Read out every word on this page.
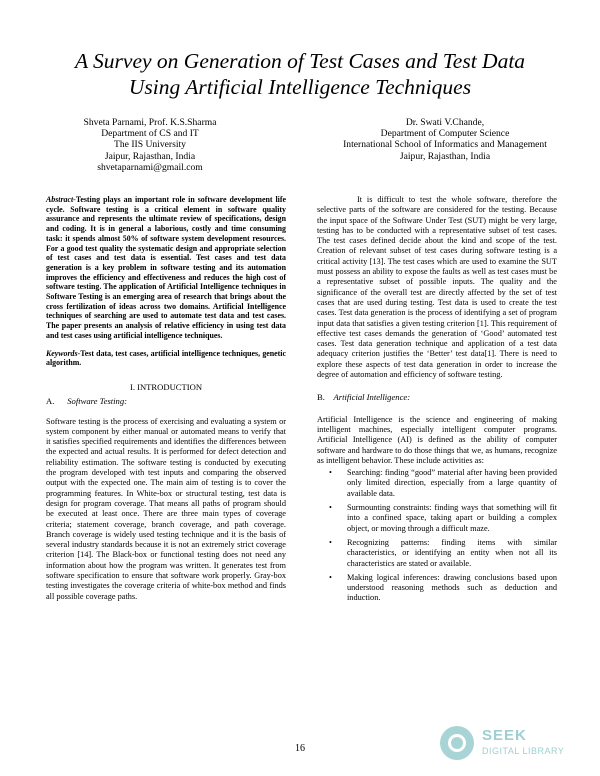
A Survey on Generation of Test Cases and Test Data
Using Artificial Intelligence Techniques
Shveta Parnami, Prof. K.S.Sharma
Department of CS and IT
The IIS University
Jaipur, Rajasthan, India
shvetaparnami@gmail.com
Dr. Swati V.Chande,
Department of Computer Science
International School of Informatics and Management
Jaipur, Rajasthan, India

Abstract-Testing plays an important role in software development life cycle. Software testing is a critical element in software quality assurance and represents the ultimate review of specifications, design and coding. It is in general a laborious, costly and time consuming task: it spends almost 50% of software system development resources. For a good test quality the systematic design and appropriate selection of test cases and test data is essential. Test cases and test data generation is a key problem in software testing and its automation improves the efficiency and effectiveness and reduces the high cost of software testing. The application of Artificial Intelligence techniques in Software Testing is an emerging area of research that brings about the cross fertilization of ideas across two domains. Artificial Intelligence techniques of searching are used to automate test data and test cases. The paper presents an analysis of relative efficiency in using test data and test cases using artificial intelligence techniques.

Keywords-Test data, test cases, artificial intelligence techniques, genetic algorithm.

I. INTRODUCTION
A. Software Testing:

Software testing is the process of exercising and evaluating a system or system component by either manual or automated means to verify that it satisfies specified requirements and identifies the differences between the expected and actual results. It is performed for defect detection and reliability estimation. The software testing is conducted by executing the program developed with test inputs and comparing the observed output with the expected one. The main aim of testing is to cover the programming features. In White-box or structural testing, test data is design for program coverage. That means all paths of program should be executed at least once. There are three main types of coverage criteria; statement coverage, branch coverage, and path coverage. Branch coverage is widely used testing technique and it is the basis of several industry standards because it is not an extremely strict coverage criterion [14]. The Black-box or functional testing does not need any information about how the program was written. It generates test from software specification to ensure that software work properly. Gray-box testing investigates the coverage criteria of white-box method and finds all possible coverage paths.

It is difficult to test the whole software, therefore the selective parts of the software are considered for the testing. Because the input space of the Software Under Test (SUT) might be very large, testing has to be conducted with a representative subset of test cases. The test cases defined decide about the kind and scope of the test. Creation of relevant subset of test cases during software testing is a critical activity [13]. The test cases which are used to examine the SUT must possess an ability to expose the faults as well as test cases must be a representative subset of possible inputs. The quality and the significance of the overall test are directly affected by the set of test cases that are used during testing. Test data is used to create the test cases. Test data generation is the process of identifying a set of program input data that satisfies a given testing criterion [1]. This requirement of effective test cases demands the generation of ‘Good’ automated test cases. Test data generation technique and application of a test data adequacy criterion justifies the ‘Better’ test data[1]. There is need to explore these aspects of test data generation in order to increase the degree of automation and efficiency of software testing.

B. Artificial Intelligence:

Artificial Intelligence is the science and engineering of making intelligent machines, especially intelligent computer programs. Artificial Intelligence (AI) is defined as the ability of computer software and hardware to do those things that we, as humans, recognize as intelligent behavior. These include activities as:

• Searching: finding “good” material after having been provided only limited direction, especially from a large quantity of available data.
• Surmounting constraints: finding ways that something will fit into a confined space, taking apart or building a complex object, or moving through a difficult maze.
• Recognizing patterns: finding items with similar characteristics, or identifying an entity when not all its characteristics are stated or available.
• Making logical inferences: drawing conclusions based upon understood reasoning methods such as deduction and induction.
16
SEEK
DIGITAL LIBRARY
